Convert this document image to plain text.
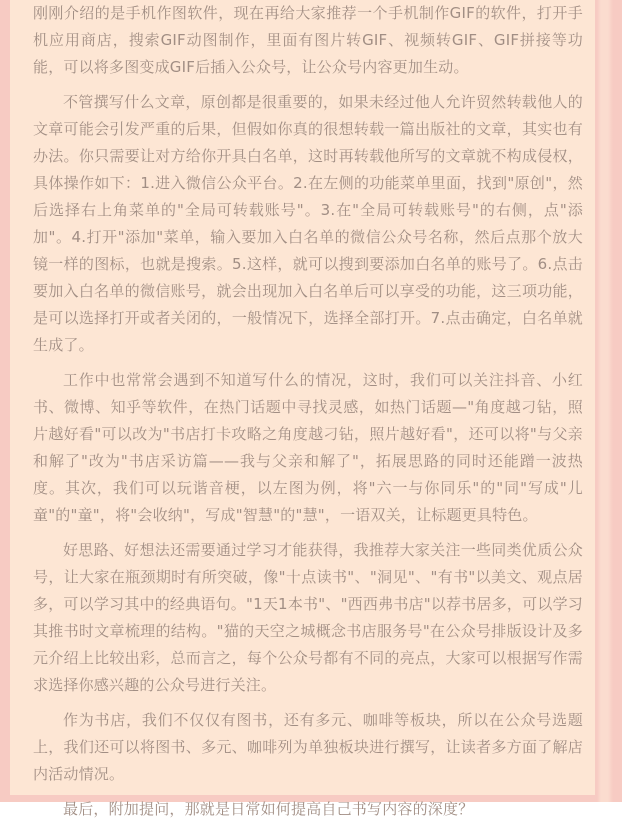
刚刚介绍的是手机作图软件，现在再给大家推荐一个手机制作GIF的软件，打开手机应用商店，搜索GIF动图制作，里面有图片转GIF、视频转GIF、GIF拼接等功能，可以将多图变成GIF后插入公众号，让公众号内容更加生动。

不管撰写什么文章，原创都是很重要的，如果未经过他人允许贸然转载他人的文章可能会引发严重的后果，但假如你真的很想转载一篇出版社的文章，其实也有办法。你只需要让对方给你开具白名单，这时再转载他所写的文章就不构成侵权，具体操作如下：1.进入微信公众平台。2.在左侧的功能菜单里面，找到"原创"，然后选择右上角菜单的"全局可转载账号"。3.在"全局可转载账号"的右侧，点"添加"。4.打开"添加"菜单，输入要加入白名单的微信公众号名称，然后点那个放大镜一样的图标，也就是搜索。5.这样，就可以搜到要添加白名单的账号了。6.点击要加入白名单的微信账号，就会出现加入白名单后可以享受的功能，这三项功能，是可以选择打开或者关闭的，一般情况下，选择全部打开。7.点击确定，白名单就生成了。

工作中也常常会遇到不知道写什么的情况，这时，我们可以关注抖音、小红书、微博、知乎等软件，在热门话题中寻找灵感，如热门话题—"角度越刁钻，照片越好看"可以改为"书店打卡攻略之角度越刁钻，照片越好看"，还可以将"与父亲和解了"改为"书店采访篇——我与父亲和解了"，拓展思路的同时还能蹭一波热度。其次，我们可以玩谐音梗，以左图为例，将"六一与你同乐"的"同"写成"儿童"的"童"，将"会收纳"，写成"智慧"的"慧"，一语双关，让标题更具特色。

好思路、好想法还需要通过学习才能获得，我推荐大家关注一些同类优质公众号，让大家在瓶颈期时有所突破，像"十点读书"、"洞见"、"有书"以美文、观点居多，可以学习其中的经典语句。"1天1本书"、"西西弗书店"以荐书居多，可以学习其推书时文章梳理的结构。"猫的天空之城概念书店服务号"在公众号排版设计及多元介绍上比较出彩，总而言之，每个公众号都有不同的亮点，大家可以根据写作需求选择你感兴趣的公众号进行关注。

作为书店，我们不仅仅有图书，还有多元、咖啡等板块，所以在公众号选题上，我们还可以将图书、多元、咖啡列为单独板块进行撰写，让读者多方面了解店内活动情况。

最后，附加提问，那就是日常如何提高自己书写内容的深度？
